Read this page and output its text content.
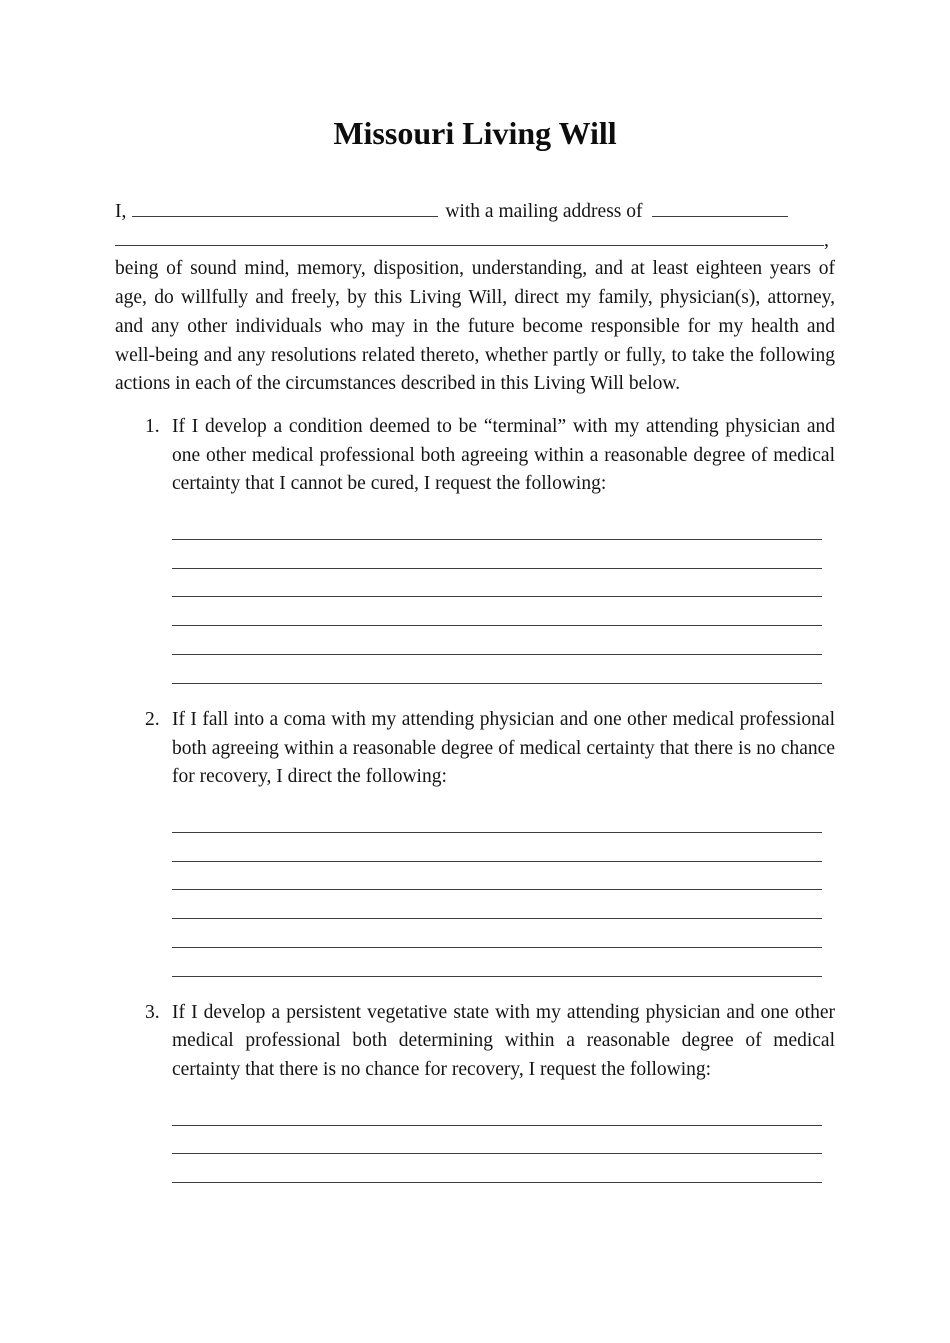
Missouri Living Will
I,	with a mailing address of
,
being of sound mind, memory, disposition, understanding, and at least eighteen years of age, do willfully and freely, by this Living Will, direct my family, physician(s), attorney, and any other individuals who may in the future become responsible for my health and well-being and any resolutions related thereto, whether partly or fully, to take the following actions in each of the circumstances described in this Living Will below.
1. If I develop a condition deemed to be “terminal” with my attending physician and one other medical professional both agreeing within a reasonable degree of medical certainty that I cannot be cured, I request the following:
2. If I fall into a coma with my attending physician and one other medical professional both agreeing within a reasonable degree of medical certainty that there is no chance for recovery, I direct the following:
3. If I develop a persistent vegetative state with my attending physician and one other medical professional both determining within a reasonable degree of medical certainty that there is no chance for recovery, I request the following:
